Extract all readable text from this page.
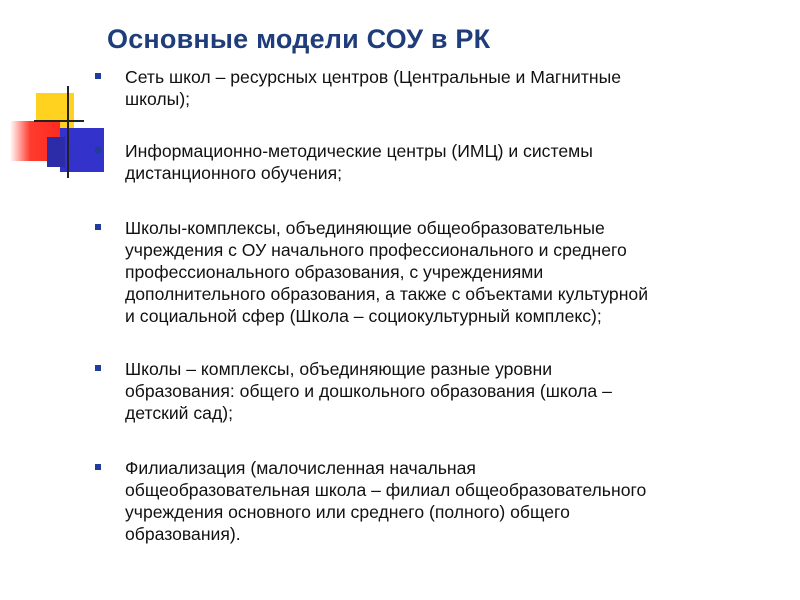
Основные модели СОУ в РК
Сеть школ – ресурсных центров (Центральные и Магнитные
школы);
Информационно-методические центры (ИМЦ) и системы
дистанционного обучения;
Школы-комплексы, объединяющие общеобразовательные
учреждения с ОУ начального профессионального и среднего
профессионального образования, с учреждениями
дополнительного образования, а также с объектами культурной
и социальной сфер (Школа – социокультурный комплекс);
Школы – комплексы, объединяющие разные уровни
образования: общего и дошкольного образования (школа –
детский сад);
Филиализация (малочисленная начальная
общеобразовательная школа – филиал общеобразовательного
учреждения основного или среднего (полного) общего
образования).
